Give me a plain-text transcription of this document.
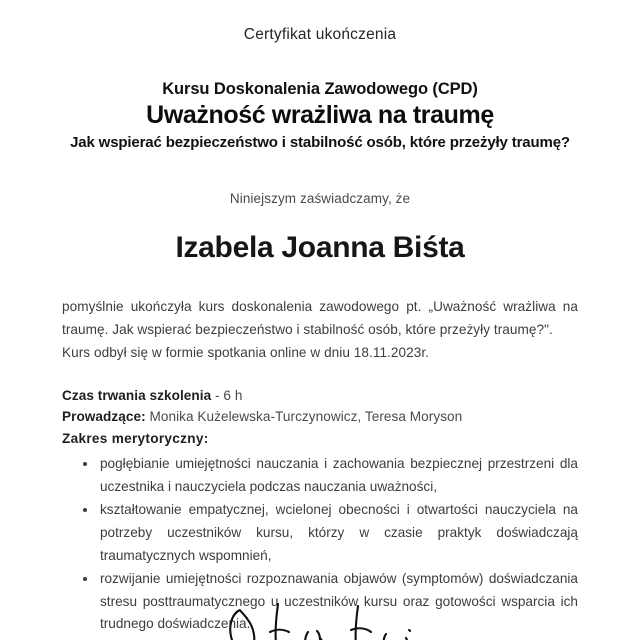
Certyfikat ukończenia
Kursu Doskonalenia Zawodowego (CPD)
Uważność wrażliwa na traumę
Jak wspierać bezpieczeństwo i stabilność osób, które przeżyły traumę?
Niniejszym zaświadczamy, że
Izabela Joanna Biśta
pomyślnie ukończyła kurs doskonalenia zawodowego pt. „Uważność wrażliwa na traumę. Jak wspierać bezpieczeństwo i stabilność osób, które przeżyły traumę?".
Kurs odbył się w formie spotkania online w dniu 18.11.2023r.
Czas trwania szkolenia - 6 h
Prowadzące: Monika Kużelewska-Turczynowicz, Teresa Moryson
Zakres merytoryczny:
pogłębianie umiejętności nauczania i zachowania bezpiecznej przestrzeni dla uczestnika i nauczyciela podczas nauczania uważności,
kształtowanie empatycznej, wcielonej obecności i otwartości nauczyciela na potrzeby uczestników kursu, którzy w czasie praktyk doświadczają traumatycznych wspomnień,
rozwijanie umiejętności rozpoznawania objawów (symptomów) doświadczania stresu posttraumatycznego u uczestników kursu oraz gotowości wsparcia ich trudnego doświadczenia.
